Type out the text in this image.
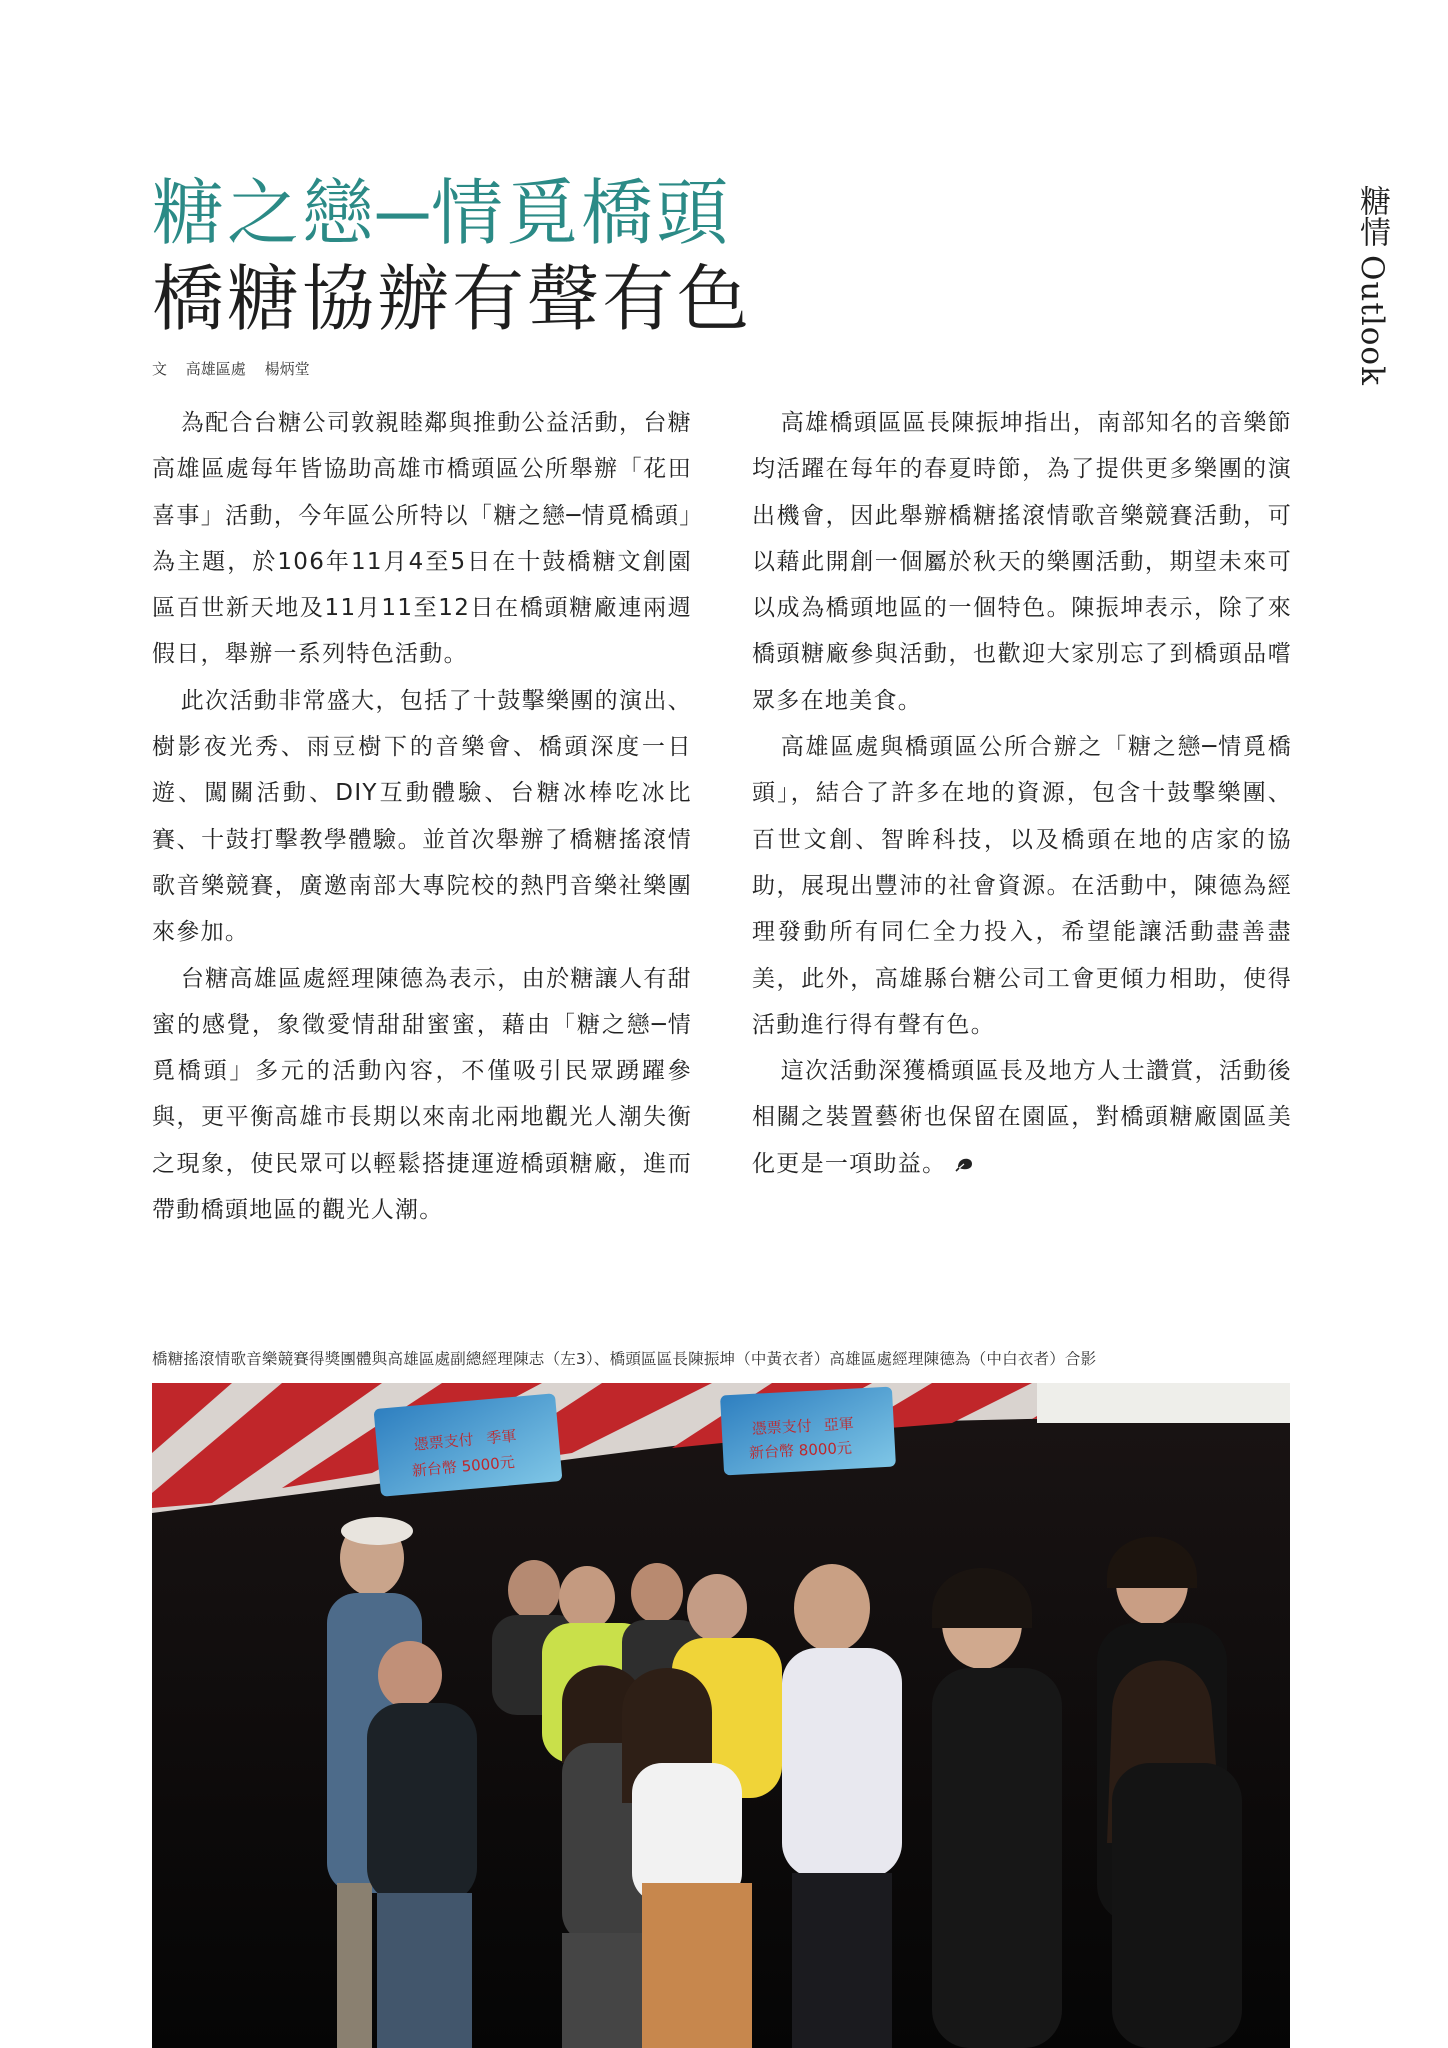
糖情
Outlook
糖之戀─情覓橋頭
橋糖協辦有聲有色
文 高雄區處 楊炳堂

為配合台糖公司敦親睦鄰與推動公益活動，台糖高雄區處每年皆協助高雄市橋頭區公所舉辦「花田喜事」活動，今年區公所特以「糖之戀─情覓橋頭」為主題，於106年11月4至5日在十鼓橋糖文創園區百世新天地及11月11至12日在橋頭糖廠連兩週假日，舉辦一系列特色活動。

此次活動非常盛大，包括了十鼓擊樂團的演出、樹影夜光秀、雨豆樹下的音樂會、橋頭深度一日遊、闖關活動、DIY互動體驗、台糖冰棒吃冰比賽、十鼓打擊教學體驗。並首次舉辦了橋糖搖滾情歌音樂競賽，廣邀南部大專院校的熱門音樂社樂團來參加。

台糖高雄區處經理陳德為表示，由於糖讓人有甜蜜的感覺，象徵愛情甜甜蜜蜜，藉由「糖之戀─情覓橋頭」多元的活動內容，不僅吸引民眾踴躍參與，更平衡高雄市長期以來南北兩地觀光人潮失衡之現象，使民眾可以輕鬆搭捷運遊橋頭糖廠，進而帶動橋頭地區的觀光人潮。

高雄橋頭區區長陳振坤指出，南部知名的音樂節均活躍在每年的春夏時節，為了提供更多樂團的演出機會，因此舉辦橋糖搖滾情歌音樂競賽活動，可以藉此開創一個屬於秋天的樂團活動，期望未來可以成為橋頭地區的一個特色。陳振坤表示，除了來橋頭糖廠參與活動，也歡迎大家別忘了到橋頭品嚐眾多在地美食。

高雄區處與橋頭區公所合辦之「糖之戀─情覓橋頭」，結合了許多在地的資源，包含十鼓擊樂團、百世文創、智眸科技，以及橋頭在地的店家的協助，展現出豐沛的社會資源。在活動中，陳德為經理發動所有同仁全力投入，希望能讓活動盡善盡美，此外，高雄縣台糖公司工會更傾力相助，使得活動進行得有聲有色。

這次活動深獲橋頭區長及地方人士讚賞，活動後相關之裝置藝術也保留在園區，對橋頭糖廠園區美化更是一項助益。

橋糖搖滾情歌音樂競賽得獎團體與高雄區處副總經理陳志（左3）、橋頭區區長陳振坤（中黃衣者）高雄區處經理陳德為（中白衣者）合影
憑票支付 季軍
新台幣 5000元
憑票支付 亞軍
新台幣 8000元
